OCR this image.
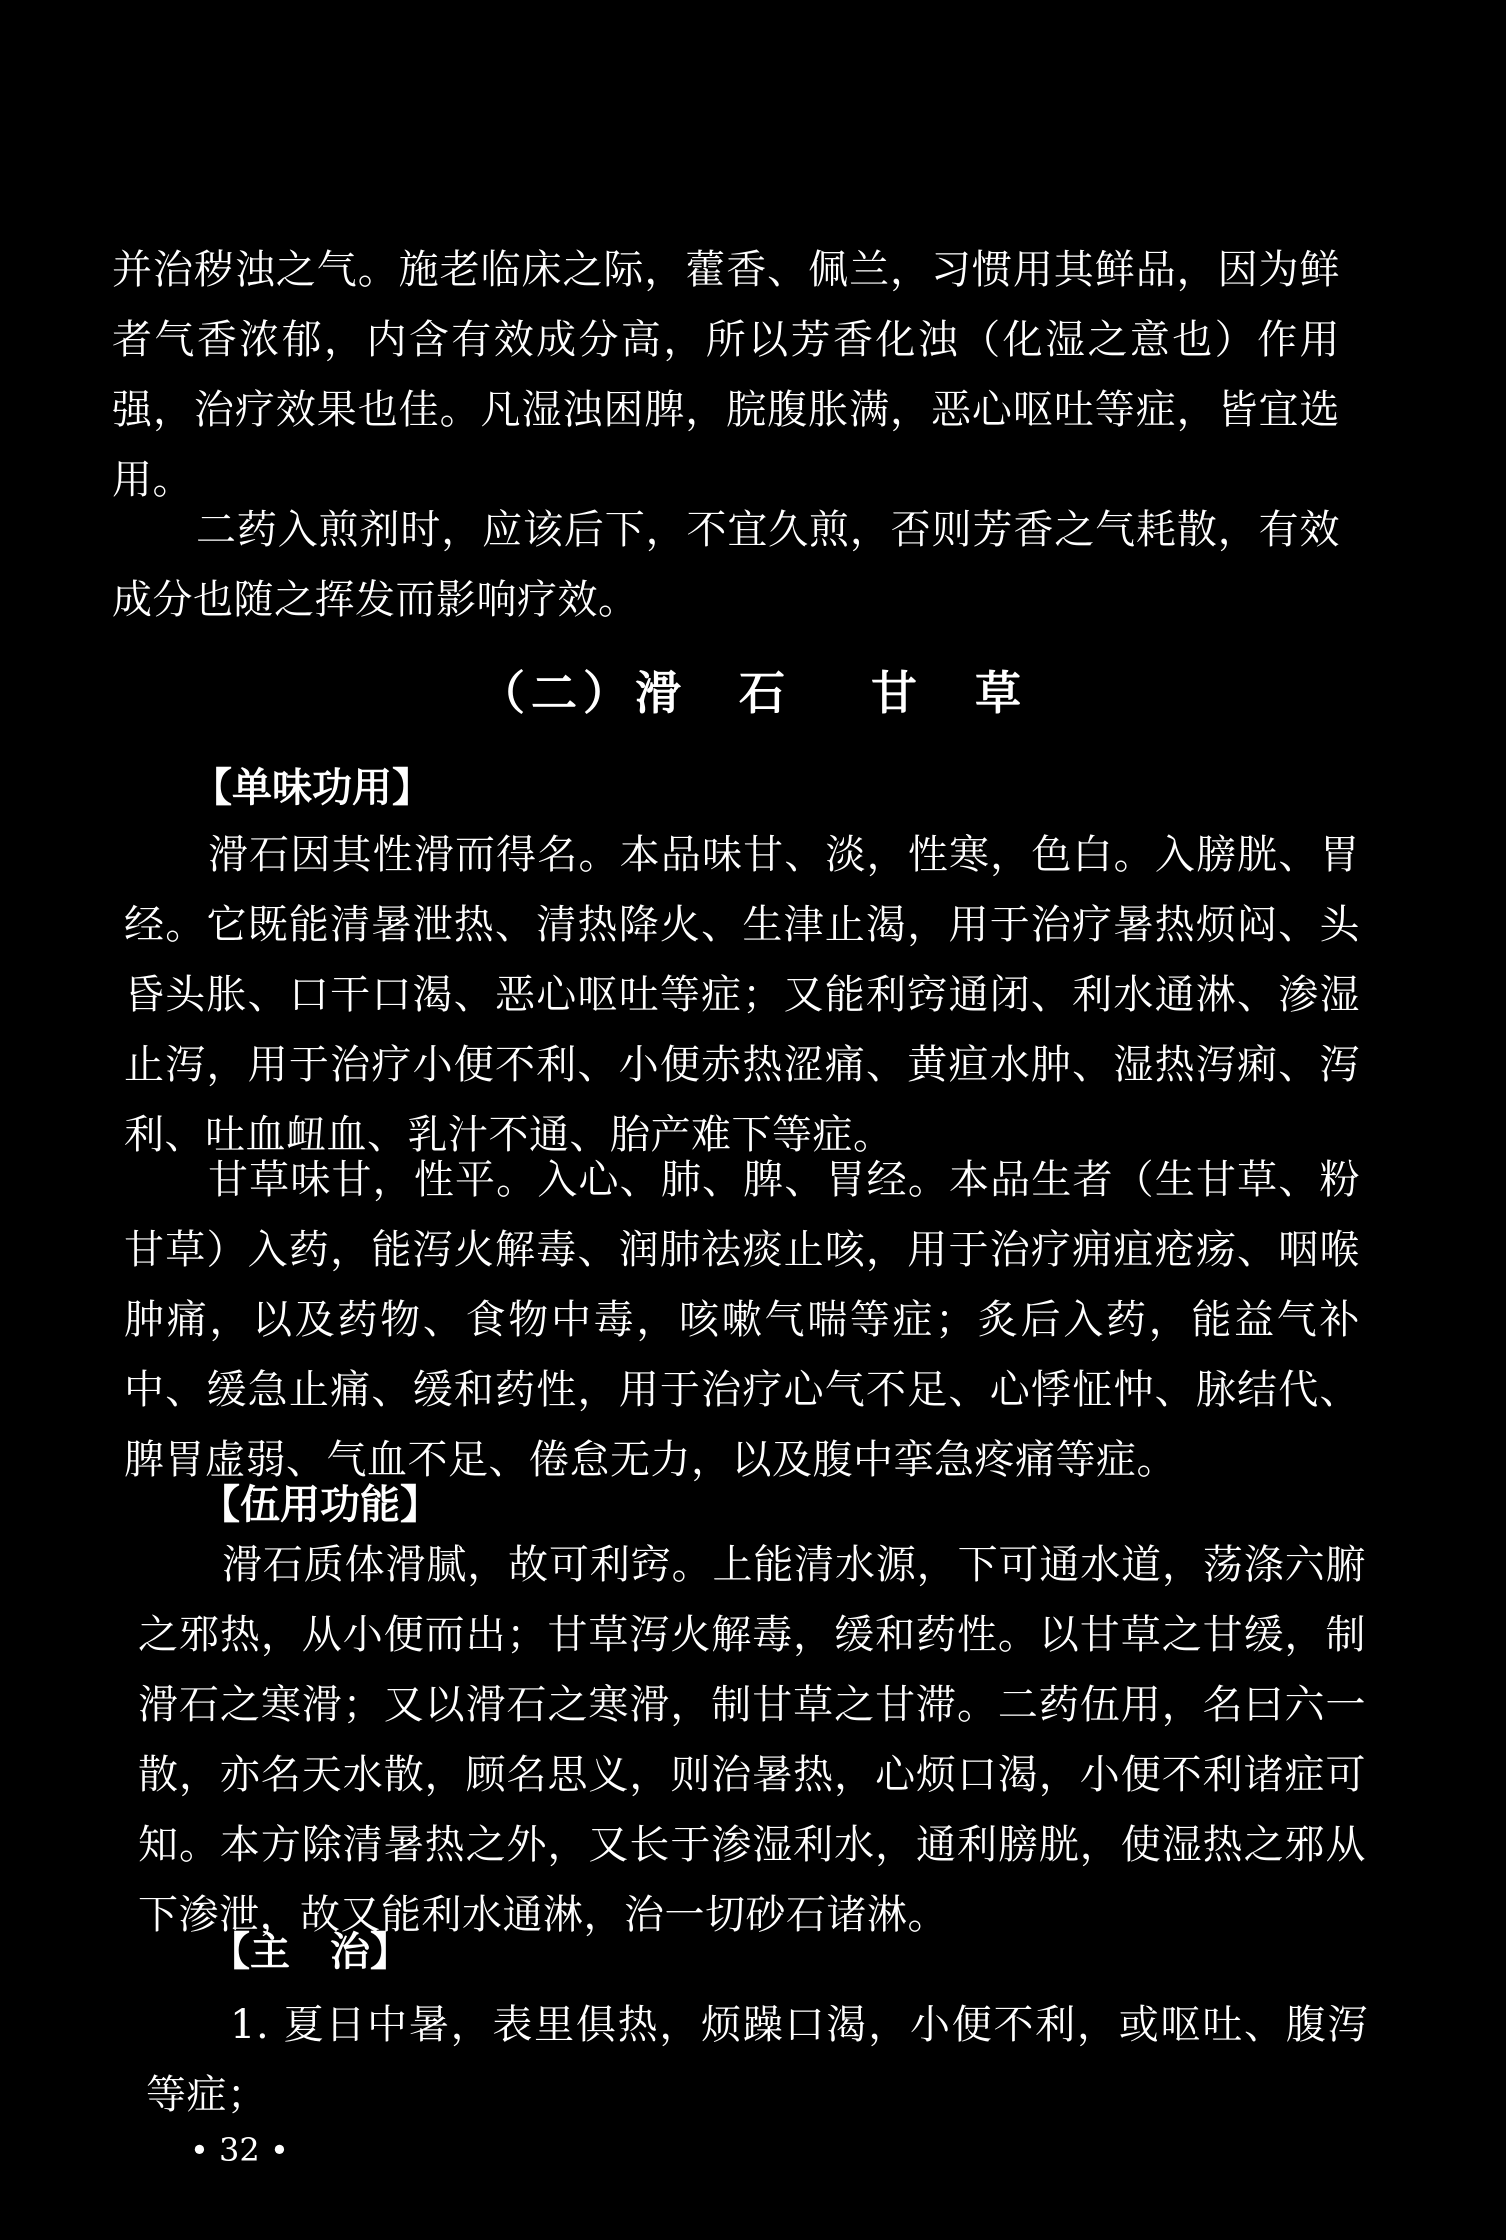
并治秽浊之气。施老临床之际，藿香、佩兰，习惯用其鲜品，因为鲜者气香浓郁，内含有效成分高，所以芳香化浊（化湿之意也）作用强，治疗效果也佳。凡湿浊困脾，脘腹胀满，恶心呕吐等症，皆宜选用。

二药入煎剂时，应该后下，不宜久煎，否则芳香之气耗散，有效成分也随之挥发而影响疗效。

（二）滑　石 甘　草
【单味功用】

滑石因其性滑而得名。本品味甘、淡，性寒，色白。入膀胱、胃经。它既能清暑泄热、清热降火、生津止渴，用于治疗暑热烦闷、头昏头胀、口干口渴、恶心呕吐等症；又能利窍通闭、利水通淋、渗湿止泻，用于治疗小便不利、小便赤热涩痛、黄疸水肿、湿热泻痢、泻利、吐血衄血、乳汁不通、胎产难下等症。

甘草味甘，性平。入心、肺、脾、胃经。本品生者（生甘草、粉甘草）入药，能泻火解毒、润肺祛痰止咳，用于治疗痈疽疮疡、咽喉肿痛，以及药物、食物中毒，咳嗽气喘等症；炙后入药，能益气补中、缓急止痛、缓和药性，用于治疗心气不足、心悸怔忡、脉结代、脾胃虚弱、气血不足、倦怠无力，以及腹中挛急疼痛等症。

【伍用功能】

滑石质体滑腻，故可利窍。上能清水源，下可通水道，荡涤六腑之邪热，从小便而出；甘草泻火解毒，缓和药性。以甘草之甘缓，制滑石之寒滑；又以滑石之寒滑，制甘草之甘滞。二药伍用，名曰六一散，亦名天水散，顾名思义，则治暑热，心烦口渴，小便不利诸症可知。本方除清暑热之外，又长于渗湿利水，通利膀胱，使湿热之邪从下渗泄，故又能利水通淋，治一切砂石诸淋。

【主　治】

1. 夏日中暑，表里俱热，烦躁口渴，小便不利，或呕吐、腹泻等症；

• 32 •
